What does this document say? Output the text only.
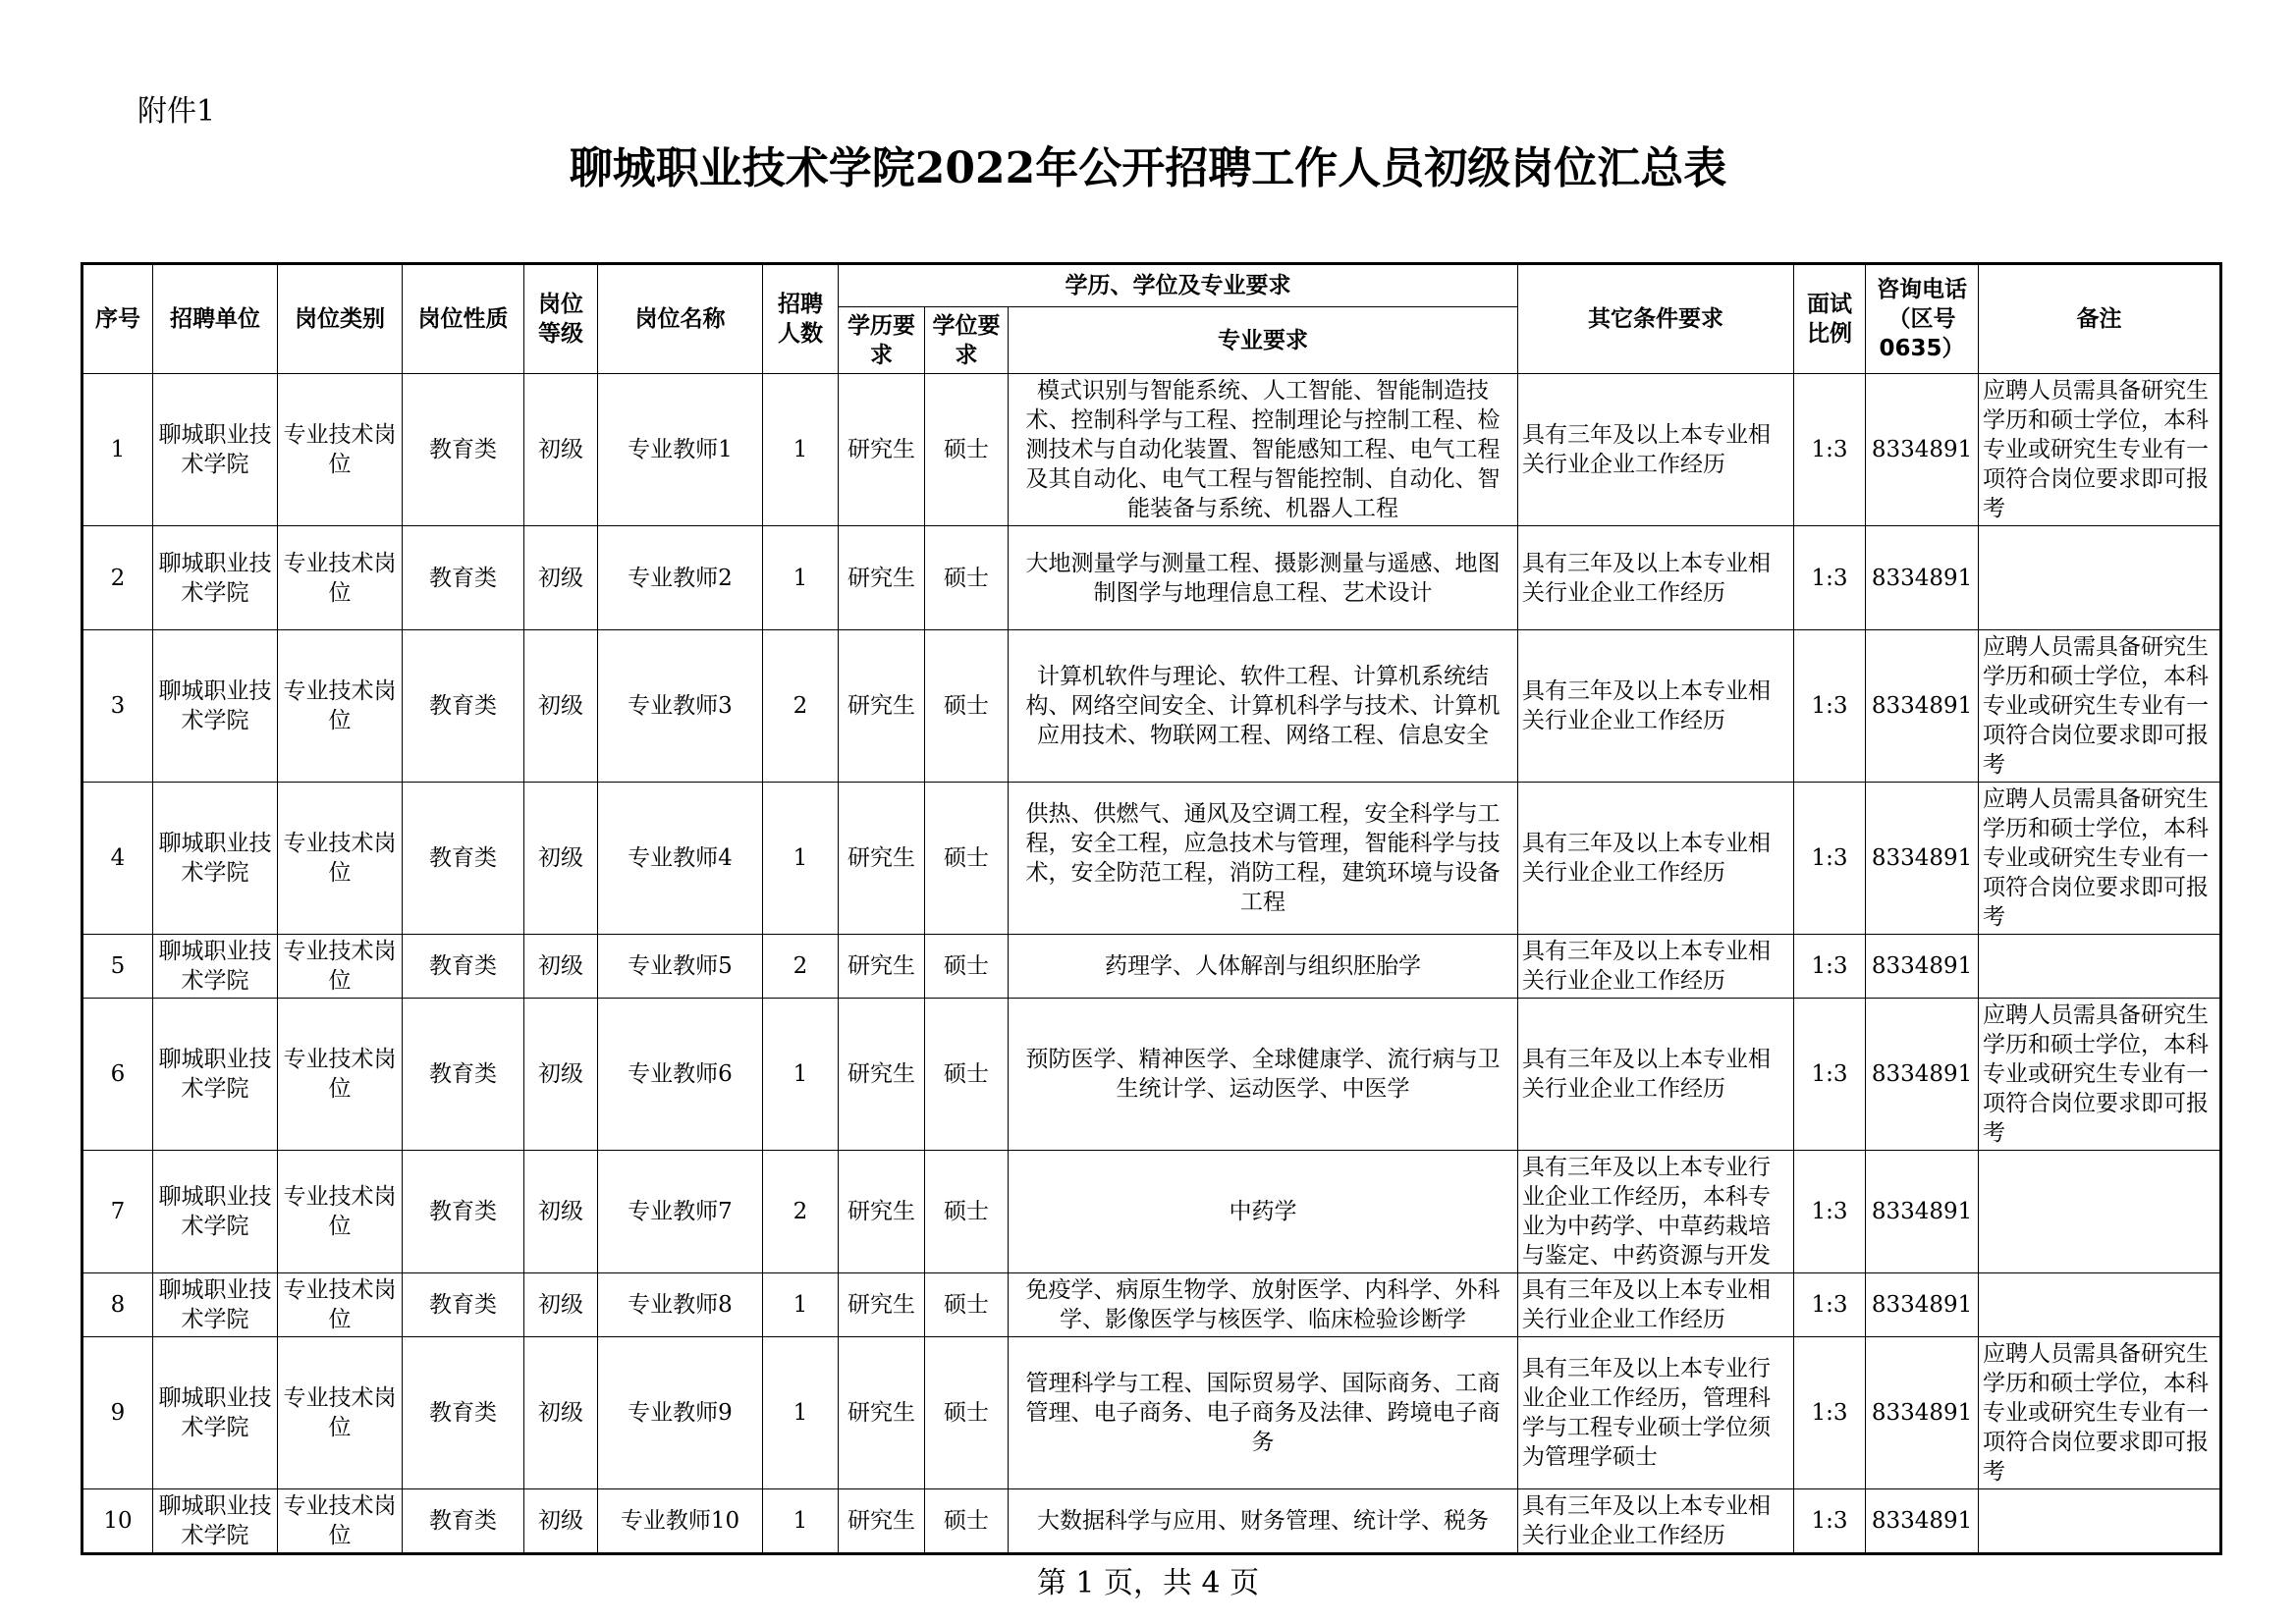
附件1
聊城职业技术学院2022年公开招聘工作人员初级岗位汇总表
序号	招聘单位	岗位类别	岗位性质	岗位等级	岗位名称	招聘人数	学历、学位及专业要求			其它条件要求	面试比例	咨询电话（区号0635）	备注
							学历要求	学位要求	专业要求				
1	聊城职业技术学院	专业技术岗位	教育类	初级	专业教师1	1	研究生	硕士	模式识别与智能系统、人工智能、智能制造技术、控制科学与工程、控制理论与控制工程、检测技术与自动化装置、智能感知工程、电气工程及其自动化、电气工程与智能控制、自动化、智能装备与系统、机器人工程	具有三年及以上本专业相关行业企业工作经历	1:3	8334891	应聘人员需具备研究生学历和硕士学位，本科专业或研究生专业有一项符合岗位要求即可报考
2	聊城职业技术学院	专业技术岗位	教育类	初级	专业教师2	1	研究生	硕士	大地测量学与测量工程、摄影测量与遥感、地图制图学与地理信息工程、艺术设计	具有三年及以上本专业相关行业企业工作经历	1:3	8334891	
3	聊城职业技术学院	专业技术岗位	教育类	初级	专业教师3	2	研究生	硕士	计算机软件与理论、软件工程、计算机系统结构、网络空间安全、计算机科学与技术、计算机应用技术、物联网工程、网络工程、信息安全	具有三年及以上本专业相关行业企业工作经历	1:3	8334891	应聘人员需具备研究生学历和硕士学位，本科专业或研究生专业有一项符合岗位要求即可报考
4	聊城职业技术学院	专业技术岗位	教育类	初级	专业教师4	1	研究生	硕士	供热、供燃气、通风及空调工程，安全科学与工程，安全工程，应急技术与管理，智能科学与技术，安全防范工程，消防工程，建筑环境与设备工程	具有三年及以上本专业相关行业企业工作经历	1:3	8334891	应聘人员需具备研究生学历和硕士学位，本科专业或研究生专业有一项符合岗位要求即可报考
5	聊城职业技术学院	专业技术岗位	教育类	初级	专业教师5	2	研究生	硕士	药理学、人体解剖与组织胚胎学	具有三年及以上本专业相关行业企业工作经历	1:3	8334891	
6	聊城职业技术学院	专业技术岗位	教育类	初级	专业教师6	1	研究生	硕士	预防医学、精神医学、全球健康学、流行病与卫生统计学、运动医学、中医学	具有三年及以上本专业相关行业企业工作经历	1:3	8334891	应聘人员需具备研究生学历和硕士学位，本科专业或研究生专业有一项符合岗位要求即可报考
7	聊城职业技术学院	专业技术岗位	教育类	初级	专业教师7	2	研究生	硕士	中药学	具有三年及以上本专业行业企业工作经历，本科专业为中药学、中草药栽培与鉴定、中药资源与开发	1:3	8334891	
8	聊城职业技术学院	专业技术岗位	教育类	初级	专业教师8	1	研究生	硕士	免疫学、病原生物学、放射医学、内科学、外科学、影像医学与核医学、临床检验诊断学	具有三年及以上本专业相关行业企业工作经历	1:3	8334891	
9	聊城职业技术学院	专业技术岗位	教育类	初级	专业教师9	1	研究生	硕士	管理科学与工程、国际贸易学、国际商务、工商管理、电子商务、电子商务及法律、跨境电子商务	具有三年及以上本专业行业企业工作经历，管理科学与工程专业硕士学位须为管理学硕士	1:3	8334891	应聘人员需具备研究生学历和硕士学位，本科专业或研究生专业有一项符合岗位要求即可报考
10	聊城职业技术学院	专业技术岗位	教育类	初级	专业教师10	1	研究生	硕士	大数据科学与应用、财务管理、统计学、税务	具有三年及以上本专业相关行业企业工作经历	1:3	8334891	
第 1 页，共 4 页
